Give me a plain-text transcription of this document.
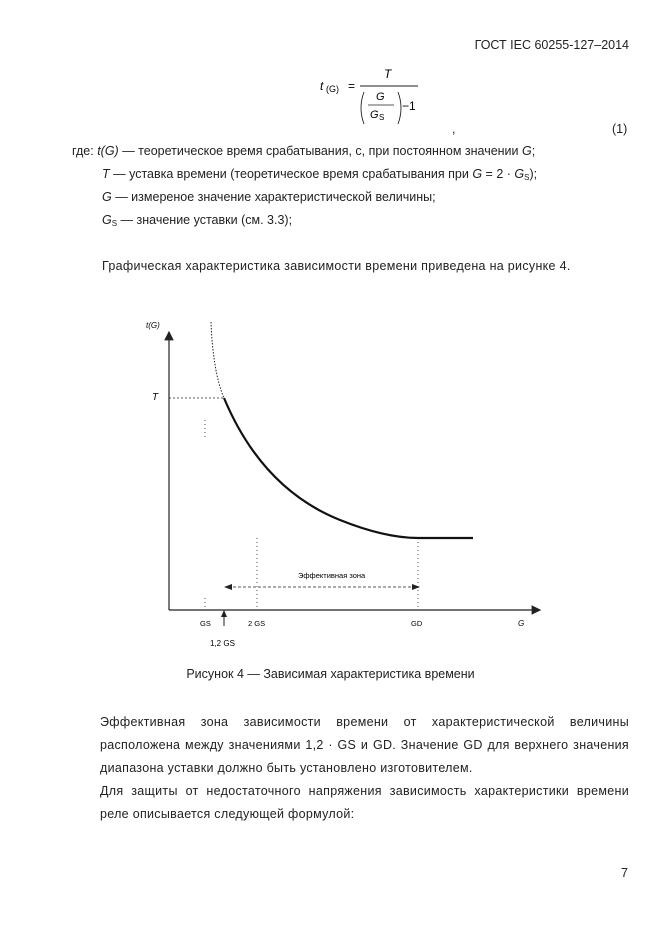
ГОСТ IEC 60255-127–2014
t (G) =
T
G
G S
−1
,	(1)
где: t(G) — теоретическое время срабатывания, с, при постоянном значении G;
T — уставка времени (теоретическое время срабатывания при $G = 2 \cdot G_S$);
G — измереное значение характеристической величины;
$G_S$ — значение уставки (см. 3.3);
Графическая характеристика зависимости времени приведена на рисунке 4.
t(G)
G
T
Эффективная зона
GS	2 GS	GD
1,2 GS
Рисунок 4 — Зависимая характеристика времени
Эффективная зона зависимости времени от характеристической величины расположена между значениями 1,2 · GS и GD. Значение GD для верхнего значения диапазона уставки должно быть установлено изготовителем.
Для защиты от недостаточного напряжения зависимость характеристики времени реле описывается следующей формулой:
7
